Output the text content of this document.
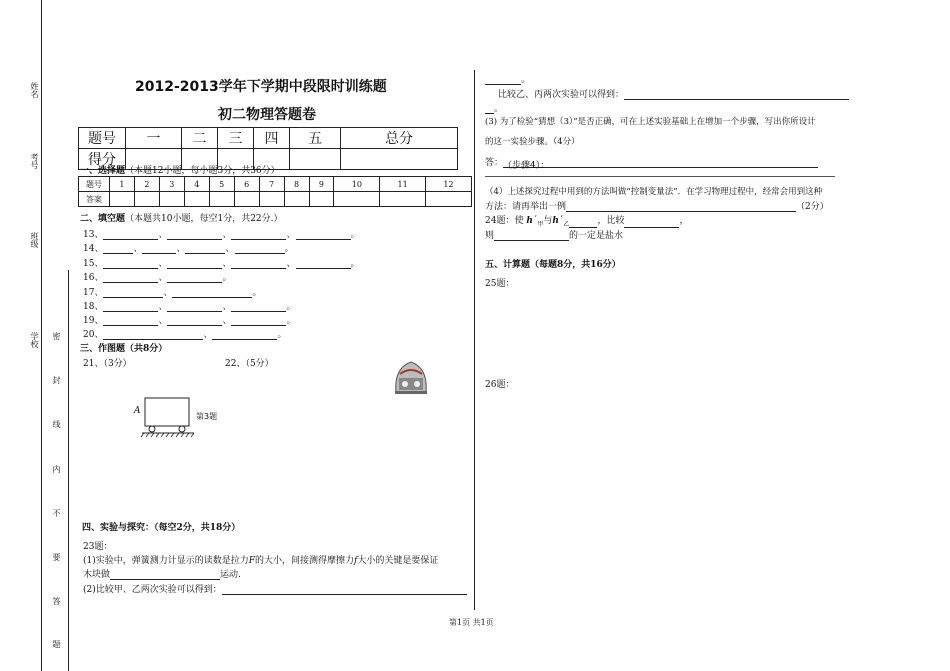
姓名
考号
班级
学校 密
封
线
内
不
要
答
题
2012-2013学年下学期中段限时训练题
初二物理答题卷
题号	一	二	三	四	五	总分
得分						
一、选择题（本题12小题，每小题3分，共36分）
题号	1	2	3	4	5	6	7	8	9	10	11	12
答案												
二、填空题（本题共10小题，每空1分，共22分.）
13、	、	、	、	。
14、	、	、	、	。
15、	、	、	、	。
16、	、	。
17、	、	。
18、	、	、	。
19、	、	、	。
20、	、	。
三、作图题（共8分）
21、（3分）	22、（5分）
A
第3题
四、实验与探究：（每空2分，共18分）
23题：
(1)实验中，弹簧测力计显示的读数是拉力F的大小，间接测得摩擦力f大小的关键是要保证
木块做	运动.
(2)比较甲、乙两次实验可以得到：
。
比较乙、丙两次实验可以得到：
。
(3) 为了检验“猜想（3）”是否正确，可在上述实验基础上在增加一个步骤，写出你所设计
的这一实验步骤。（4分）
答：（步骤4）：
（4）上述探究过程中用到的方法叫做“控制变量法”．在学习物理过程中，经常会用到这种
方法：请再举出一例	（2分）
24题：使 $h´_甲$与$h´_乙$	，比较	，
则	的一定是盐水
五、计算题（每题8分，共16分）
25题：
26题：
第1页 共1页
